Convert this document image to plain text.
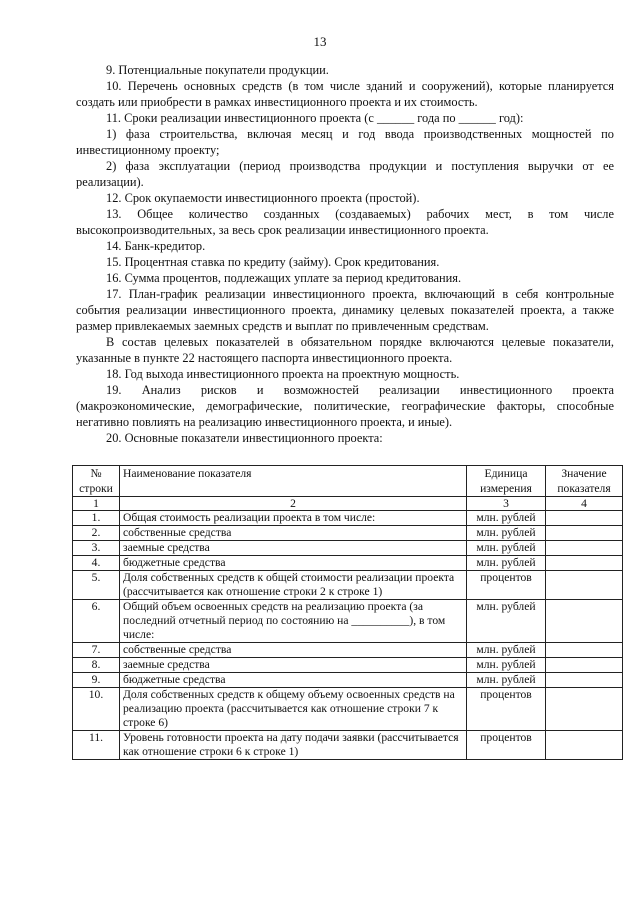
13

9. Потенциальные покупатели продукции.

10. Перечень основных средств (в том числе зданий и сооружений), которые планируется создать или приобрести в рамках инвестиционного проекта и их стоимость.

11. Сроки реализации инвестиционного проекта (с ______ года по ______ год):

1) фаза строительства, включая месяц и год ввода производственных мощностей по инвестиционному проекту;

2) фаза эксплуатации (период производства продукции и поступления выручки от ее реализации).

12. Срок окупаемости инвестиционного проекта (простой).

13. Общее количество созданных (создаваемых) рабочих мест, в том числе высокопроизводительных, за весь срок реализации инвестиционного проекта.

14. Банк-кредитор.

15. Процентная ставка по кредиту (займу). Срок кредитования.

16. Сумма процентов, подлежащих уплате за период кредитования.

17. План-график реализации инвестиционного проекта, включающий в себя контрольные события реализации инвестиционного проекта, динамику целевых показателей проекта, а также размер привлекаемых заемных средств и выплат по привлеченным средствам.

В состав целевых показателей в обязательном порядке включаются целевые показатели, указанные в пункте 22 настоящего паспорта инвестиционного проекта.

18. Год выхода инвестиционного проекта на проектную мощность.

19. Анализ рисков и возможностей реализации инвестиционного проекта (макроэкономические, демографические, политические, географические факторы, способные негативно повлиять на реализацию инвестиционного проекта, и иные).

20. Основные показатели инвестиционного проекта:

№ строки	Наименование показателя	Единица измерения	Значение показателя
1	2	3	4
1.	Общая стоимость реализации проекта в том числе:	млн. рублей	
2.	собственные средства	млн. рублей	
3.	заемные средства	млн. рублей	
4.	бюджетные средства	млн. рублей	
5.	Доля собственных средств к общей стоимости реализации проекта (рассчитывается как отношение строки 2 к строке 1)	процентов	
6.	Общий объем освоенных средств на реализацию проекта (за последний отчетный период по состоянию на __________), в том числе:	млн. рублей	
7.	собственные средства	млн. рублей	
8.	заемные средства	млн. рублей	
9.	бюджетные средства	млн. рублей	
10.	Доля собственных средств к общему объему освоенных средств на реализацию проекта (рассчитывается как отношение строки 7 к строке 6)	процентов	
11.	Уровень готовности проекта на дату подачи заявки (рассчитывается как отношение строки 6 к строке 1)	процентов	
